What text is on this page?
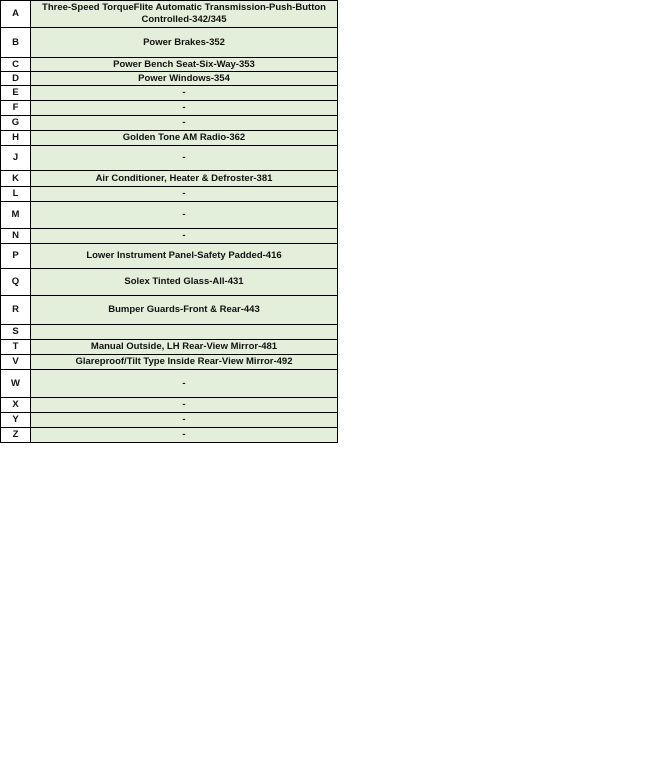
A	Three-Speed TorqueFlite Automatic Transmission-Push-Button Controlled-342/345
B	Power Brakes-352
C	Power Bench Seat-Six-Way-353
D	Power Windows-354
E	-
F	-
G	-
H	Golden Tone AM Radio-362
J	-
K	Air Conditioner, Heater & Defroster-381
L	-
M	-
N	-
P	Lower Instrument Panel-Safety Padded-416
Q	Solex Tinted Glass-All-431
R	Bumper Guards-Front & Rear-443
S	
T	Manual Outside, LH Rear-View Mirror-481
V	Glareproof/Tilt Type Inside Rear-View Mirror-492
W	-
X	-
Y	-
Z	-
